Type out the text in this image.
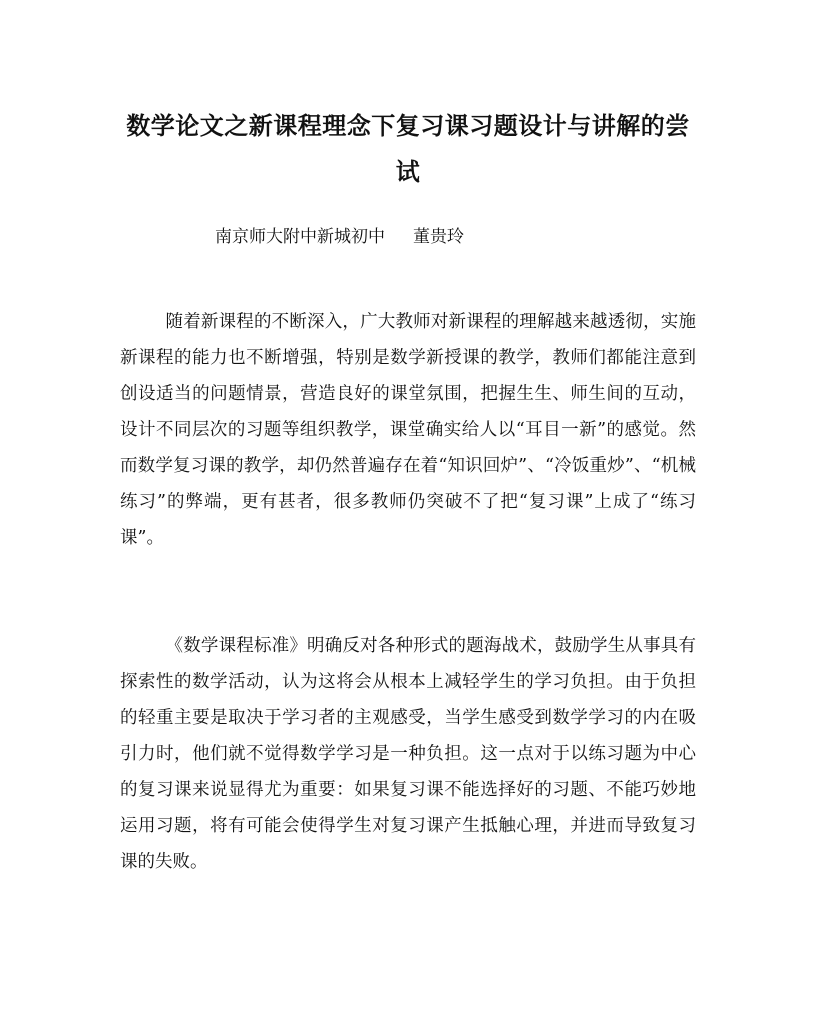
数学论文之新课程理念下复习课习题设计与讲解的尝试
南京师大附中新城初中 董贵玲

随着新课程的不断深入，广大教师对新课程的理解越来越透彻，实施新课程的能力也不断增强，特别是数学新授课的教学，教师们都能注意到创设适当的问题情景，营造良好的课堂氛围，把握生生、师生间的互动，设计不同层次的习题等组织教学，课堂确实给人以“耳目一新”的感觉。然而数学复习课的教学，却仍然普遍存在着“知识回炉”、“冷饭重炒”、“机械练习”的弊端，更有甚者，很多教师仍突破不了把“复习课”上成了“练习课”。

《数学课程标准》明确反对各种形式的题海战术，鼓励学生从事具有探索性的数学活动，认为这将会从根本上减轻学生的学习负担。由于负担的轻重主要是取决于学习者的主观感受，当学生感受到数学学习的内在吸引力时，他们就不觉得数学学习是一种负担。这一点对于以练习题为中心的复习课来说显得尤为重要：如果复习课不能选择好的习题、不能巧妙地运用习题，将有可能会使得学生对复习课产生抵触心理，并进而导致复习课的失败。
